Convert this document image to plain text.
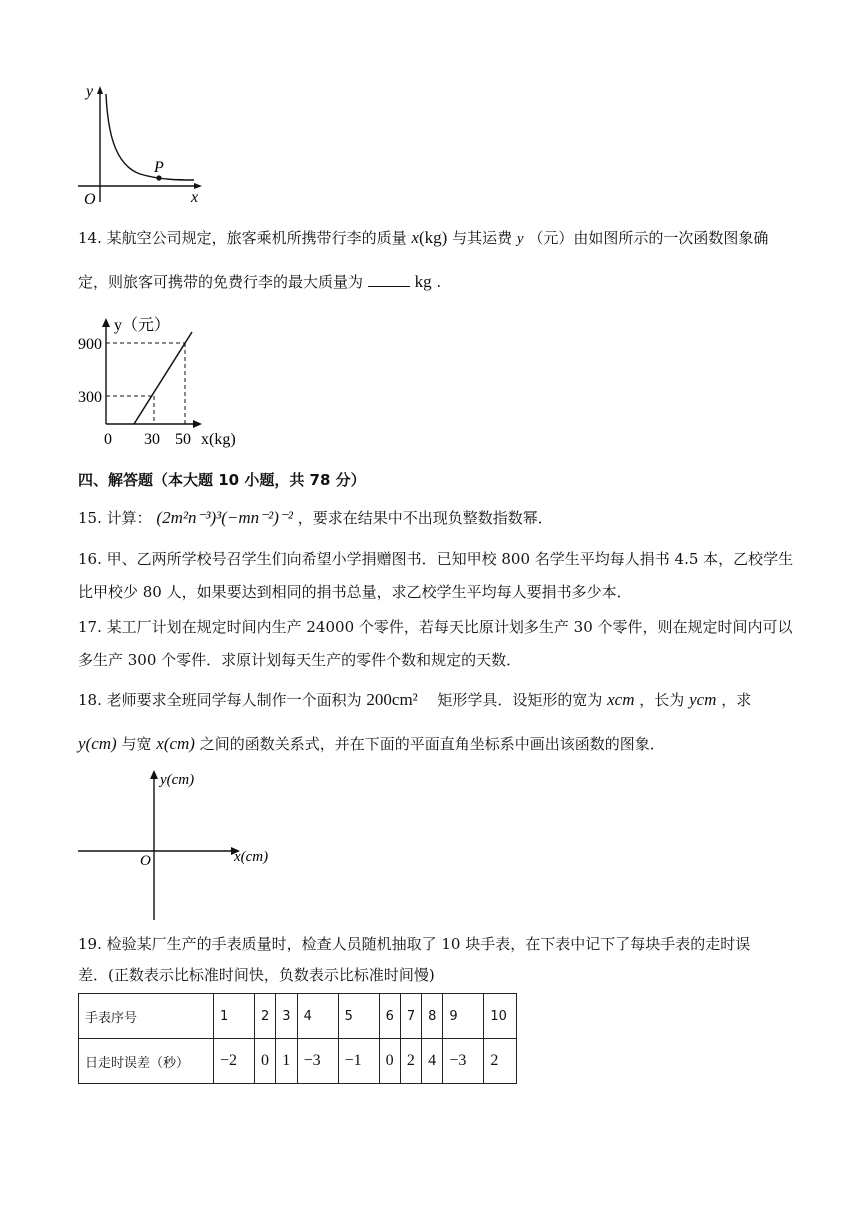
y
x
O
P
14. 某航空公司规定，旅客乘机所携带行李的质量 x(kg) 与其运费 y （元）由如图所示的一次函数图象确
定，则旅客可携带的免费行李的最大质量为	kg .
y（元）
900
300
0 30 50 x(kg)
四、解答题（本大题 10 小题，共 78 分）
15. 计算： (2m²n⁻³)³(−mn⁻²)⁻² ，要求在结果中不出现负整数指数幂．
16. 甲、乙两所学校号召学生们向希望小学捐赠图书．已知甲校 800 名学生平均每人捐书 4.5 本，乙校学生
比甲校少 80 人，如果要达到相同的捐书总量，求乙校学生平均每人要捐书多少本．
17. 某工厂计划在规定时间内生产 24000 个零件，若每天比原计划多生产 30 个零件，则在规定时间内可以
多生产 300 个零件．求原计划每天生产的零件个数和规定的天数．
18. 老师要求全班同学每人制作一个面积为 200cm² 矩形学具．设矩形的宽为 xcm ，长为 ycm ，求
y(cm) 与宽 x(cm) 之间的函数关系式，并在下面的平面直角坐标系中画出该函数的图象．
y(cm)
x(cm)
O
19. 检验某厂生产的手表质量时，检查人员随机抽取了 10 块手表，在下表中记下了每块手表的走时误
差．(正数表示比标准时间快，负数表示比标准时间慢)
手表序号	1	2	3	4	5	6	7	8	9	10
日走时误差（秒）	−2	0	1	−3	−1	0	2	4	−3	2
